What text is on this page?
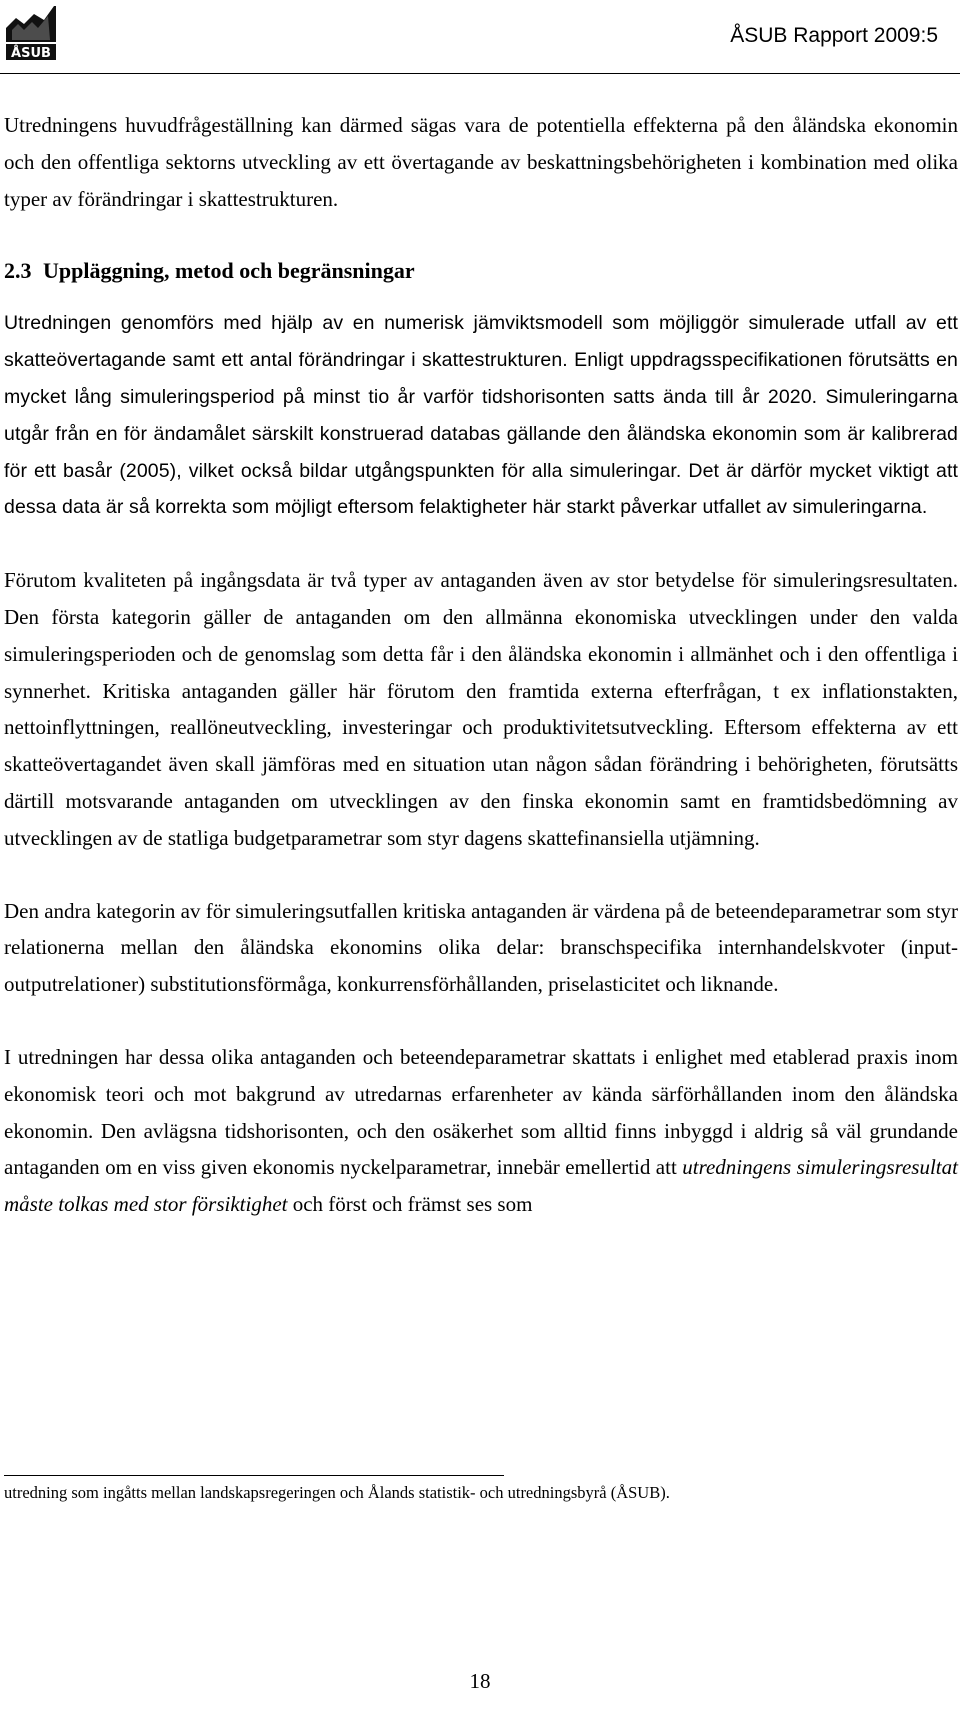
ÅSUB
ÅSUB Rapport 2009:5

Utredningens huvudfrågeställning kan därmed sägas vara de potentiella effekterna på den åländska ekonomin och den offentliga sektorns utveckling av ett övertagande av beskattningsbehörigheten i kombination med olika typer av förändringar i skattestrukturen.

2.3 Uppläggning, metod och begränsningar

Utredningen genomförs med hjälp av en numerisk jämviktsmodell som möjliggör simulerade utfall av ett skatteövertagande samt ett antal förändringar i skattestrukturen. Enligt uppdragsspecifikationen förutsätts en mycket lång simuleringsperiod på minst tio år varför tidshorisonten satts ända till år 2020. Simuleringarna utgår från en för ändamålet särskilt konstruerad databas gällande den åländska ekonomin som är kalibrerad för ett basår (2005), vilket också bildar utgångspunkten för alla simuleringar. Det är därför mycket viktigt att dessa data är så korrekta som möjligt eftersom felaktigheter här starkt påverkar utfallet av simuleringarna.

Förutom kvaliteten på ingångsdata är två typer av antaganden även av stor betydelse för simuleringsresultaten. Den första kategorin gäller de antaganden om den allmänna ekonomiska utvecklingen under den valda simuleringsperioden och de genomslag som detta får i den åländska ekonomin i allmänhet och i den offentliga i synnerhet. Kritiska antaganden gäller här förutom den framtida externa efterfrågan, t ex inflationstakten, nettoinflyttningen, reallöneutveckling, investeringar och produktivitetsutveckling. Eftersom effekterna av ett skatteövertagandet även skall jämföras med en situation utan någon sådan förändring i behörigheten, förutsätts därtill motsvarande antaganden om utvecklingen av den finska ekonomin samt en framtidsbedömning av utvecklingen av de statliga budgetparametrar som styr dagens skattefinansiella utjämning.

Den andra kategorin av för simuleringsutfallen kritiska antaganden är värdena på de beteendeparametrar som styr relationerna mellan den åländska ekonomins olika delar: branschspecifika internhandelskvoter (input-outputrelationer) substitutionsförmåga, konkurrensförhållanden, priselasticitet och liknande.

I utredningen har dessa olika antaganden och beteendeparametrar skattats i enlighet med etablerad praxis inom ekonomisk teori och mot bakgrund av utredarnas erfarenheter av kända särförhållanden inom den åländska ekonomin. Den avlägsna tidshorisonten, och den osäkerhet som alltid finns inbyggd i aldrig så väl grundande antaganden om en viss given ekonomis nyckelparametrar, innebär emellertid att utredningens simuleringsresultat måste tolkas med stor försiktighet och först och främst ses som

utredning som ingåtts mellan landskapsregeringen och Ålands statistik- och utredningsbyrå (ÅSUB).
18
